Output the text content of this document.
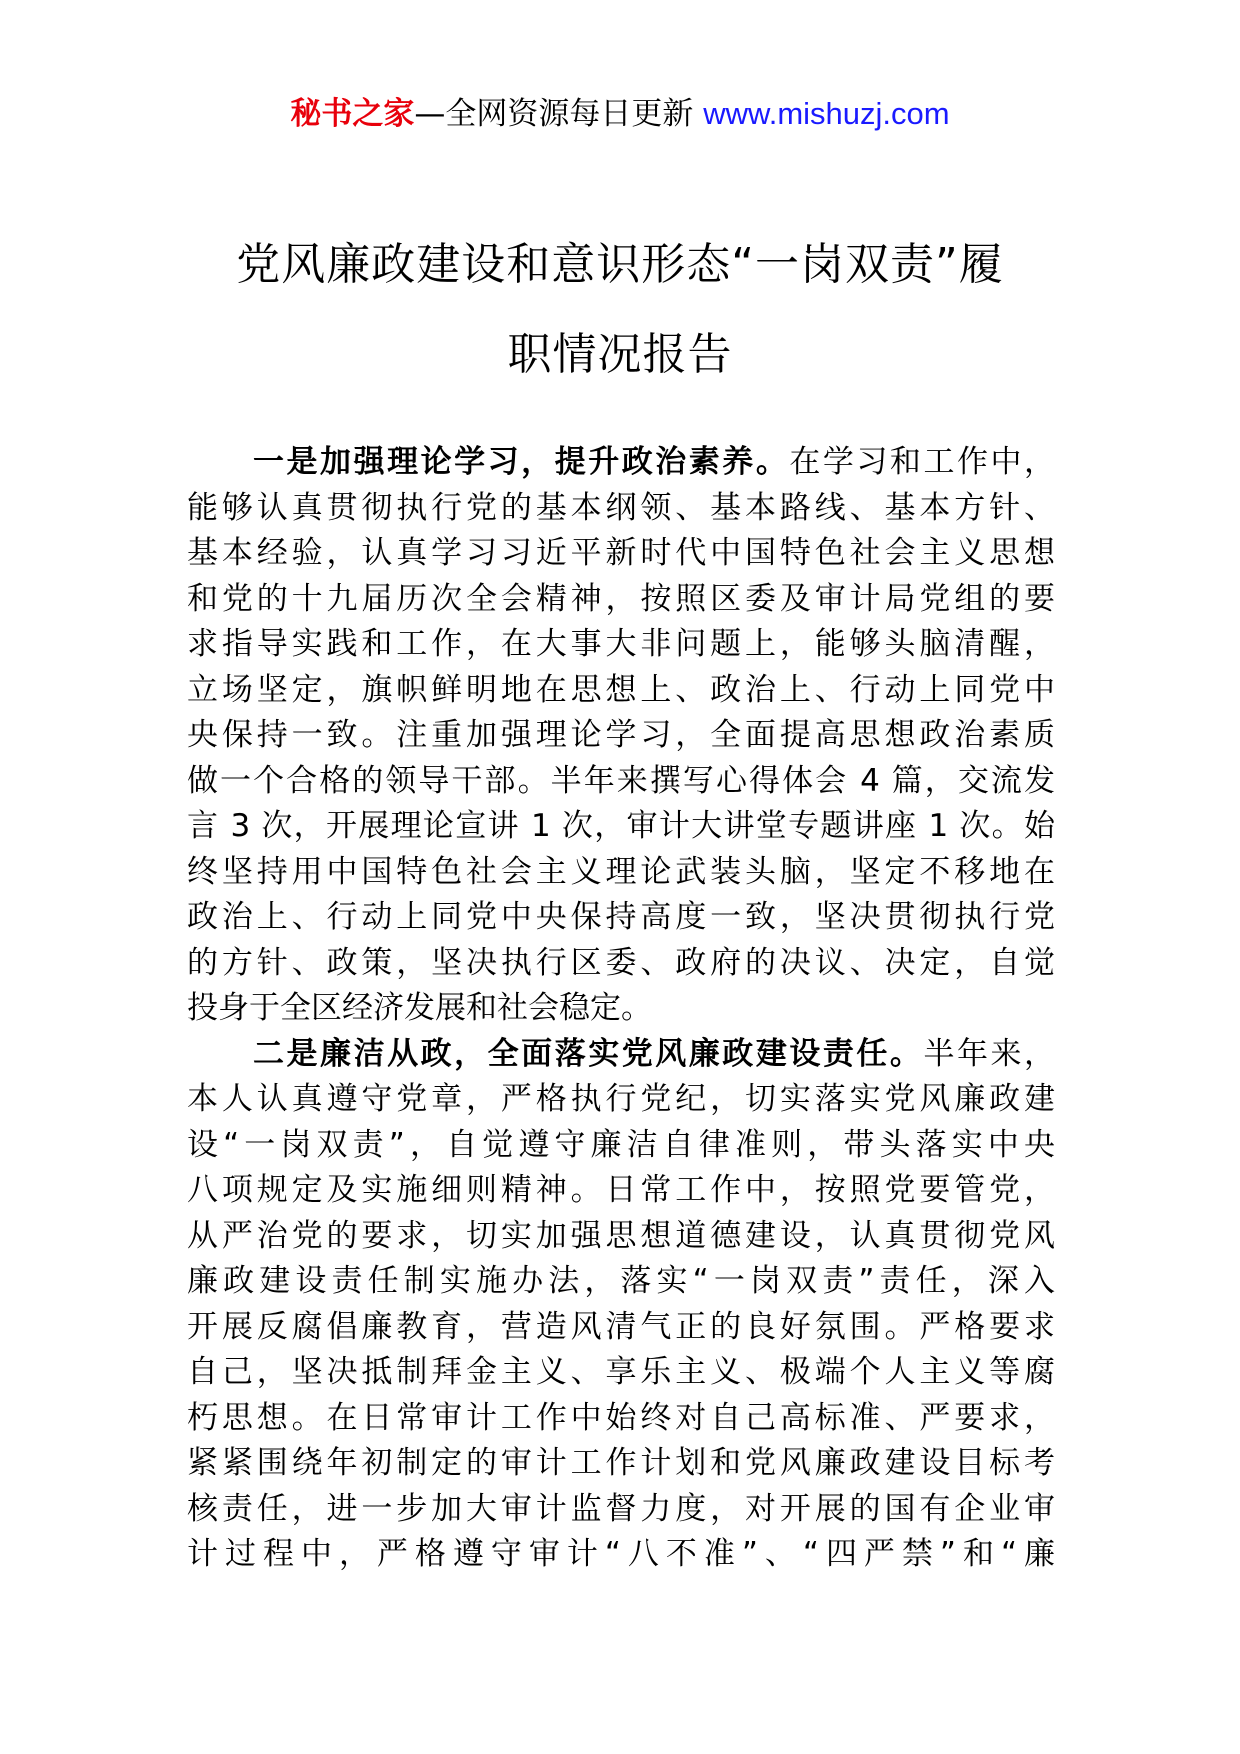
秘书之家—全网资源每日更新 www.mishuzj.com
党风廉政建设和意识形态“一岗双责”履
职情况报告
一是加强理论学习，提升政治素养。在学习和工作中，
能够认真贯彻执行党的基本纲领、基本路线、基本方针、
基本经验，认真学习习近平新时代中国特色社会主义思想
和党的十九届历次全会精神，按照区委及审计局党组的要
求指导实践和工作，在大事大非问题上，能够头脑清醒，
立场坚定，旗帜鲜明地在思想上、政治上、行动上同党中
央保持一致。注重加强理论学习，全面提高思想政治素质
做一个合格的领导干部。半年来撰写心得体会 4 篇，交流发
言 3 次，开展理论宣讲 1 次，审计大讲堂专题讲座 1 次。始
终坚持用中国特色社会主义理论武装头脑，坚定不移地在
政治上、行动上同党中央保持高度一致，坚决贯彻执行党
的方针、政策，坚决执行区委、政府的决议、决定，自觉
投身于全区经济发展和社会稳定。
二是廉洁从政，全面落实党风廉政建设责任。半年来，
本人认真遵守党章，严格执行党纪，切实落实党风廉政建
设“一岗双责”，自觉遵守廉洁自律准则，带头落实中央
八项规定及实施细则精神。日常工作中，按照党要管党，
从严治党的要求，切实加强思想道德建设，认真贯彻党风
廉政建设责任制实施办法，落实“一岗双责”责任，深入
开展反腐倡廉教育，营造风清气正的良好氛围。严格要求
自己，坚决抵制拜金主义、享乐主义、极端个人主义等腐
朽思想。在日常审计工作中始终对自己高标准、严要求，
紧紧围绕年初制定的审计工作计划和党风廉政建设目标考
核责任，进一步加大审计监督力度，对开展的国有企业审
计过程中，严格遵守审计“八不准”、“四严禁”和“廉
